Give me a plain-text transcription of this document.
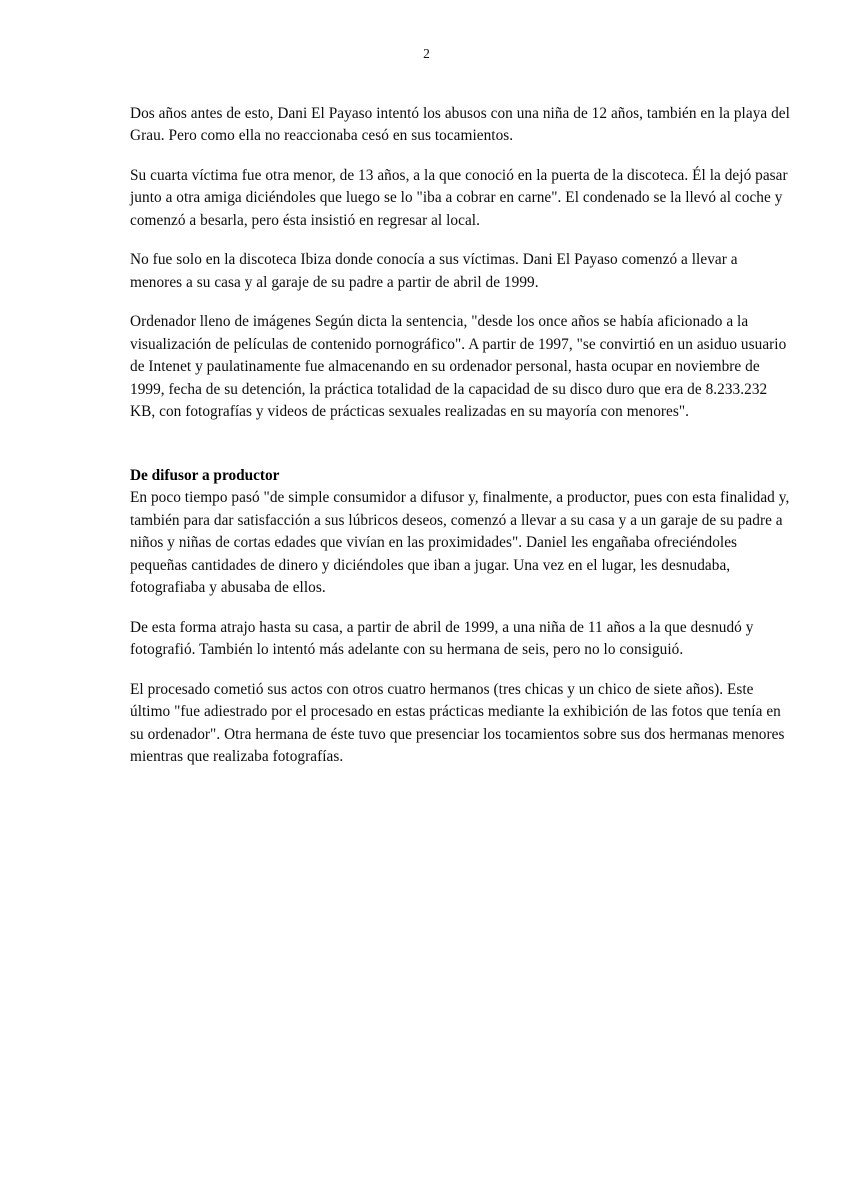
2

Dos años antes de esto, Dani El Payaso intentó los abusos con una niña de 12 años, también en la playa del Grau. Pero como ella no reaccionaba cesó en sus tocamientos.

Su cuarta víctima fue otra menor, de 13 años, a la que conoció en la puerta de la discoteca. Él la dejó pasar junto a otra amiga diciéndoles que luego se lo "iba a cobrar en carne". El condenado se la llevó al coche y comenzó a besarla, pero ésta insistió en regresar al local.

No fue solo en la discoteca Ibiza donde conocía a sus víctimas. Dani El Payaso comenzó a llevar a menores a su casa y al garaje de su padre a partir de abril de 1999.

Ordenador lleno de imágenes Según dicta la sentencia, "desde los once años se había aficionado a la visualización de películas de contenido pornográfico". A partir de 1997, "se convirtió en un asiduo usuario de Intenet y paulatinamente fue almacenando en su ordenador personal, hasta ocupar en noviembre de 1999, fecha de su detención, la práctica totalidad de la capacidad de su disco duro que era de 8.233.232 KB, con fotografías y videos de prácticas sexuales realizadas en su mayoría con menores".

De difusor a productor

En poco tiempo pasó "de simple consumidor a difusor y, finalmente, a productor, pues con esta finalidad y, también para dar satisfacción a sus lúbricos deseos, comenzó a llevar a su casa y a un garaje de su padre a niños y niñas de cortas edades que vivían en las proximidades". Daniel les engañaba ofreciéndoles pequeñas cantidades de dinero y diciéndoles que iban a jugar. Una vez en el lugar, les desnudaba, fotografiaba y abusaba de ellos.

De esta forma atrajo hasta su casa, a partir de abril de 1999, a una niña de 11 años a la que desnudó y fotografió. También lo intentó más adelante con su hermana de seis, pero no lo consiguió.

El procesado cometió sus actos con otros cuatro hermanos (tres chicas y un chico de siete años). Este último "fue adiestrado por el procesado en estas prácticas mediante la exhibición de las fotos que tenía en su ordenador". Otra hermana de éste tuvo que presenciar los tocamientos sobre sus dos hermanas menores mientras que realizaba fotografías.
